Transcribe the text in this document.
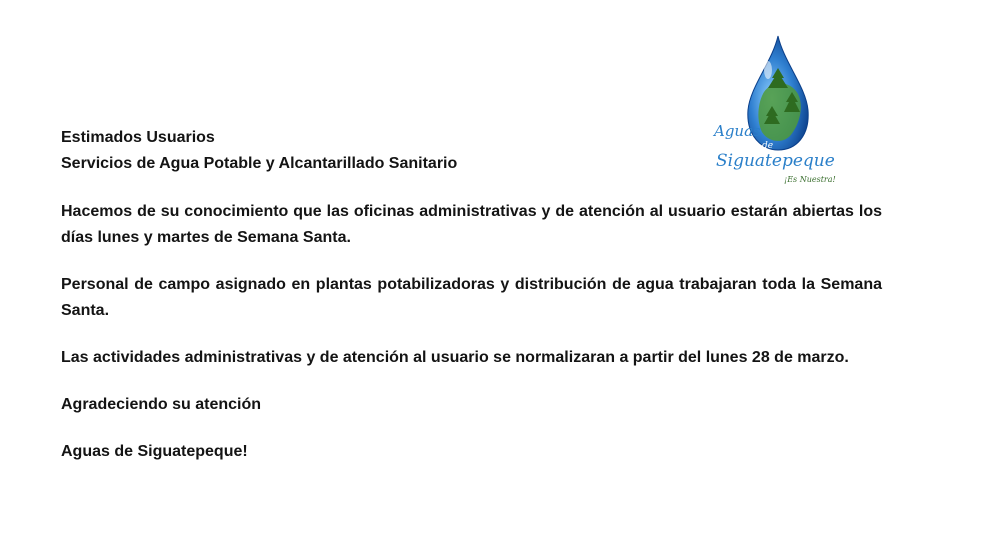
Aguas
de
Siguatepeque
¡Es Nuestra!

Estimados Usuarios
Servicios de Agua Potable y Alcantarillado Sanitario

Hacemos de su conocimiento que las oficinas administrativas y de atención al usuario estarán abiertas los días lunes y martes de Semana Santa.

Personal de campo asignado en plantas potabilizadoras y distribución de agua trabajaran toda la Semana Santa.

Las actividades administrativas y de atención al usuario se normalizaran a partir del lunes 28 de marzo.

Agradeciendo su atención

Aguas de Siguatepeque!
